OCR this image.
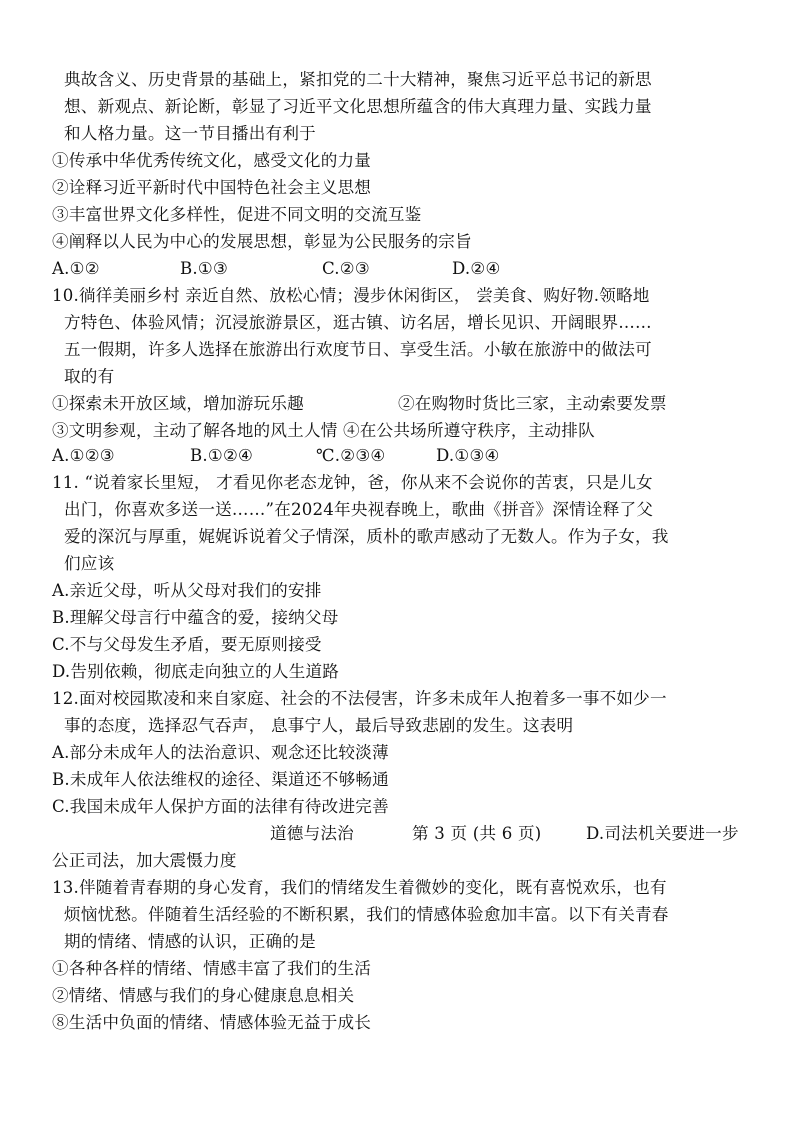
典故含义、历史背景的基础上，紧扣党的二十大精神，聚焦习近平总书记的新思
想、新观点、新论断，彰显了习近平文化思想所蕴含的伟大真理力量、实践力量
和人格力量。这一节目播出有利于
①传承中华优秀传统文化，感受文化的力量
②诠释习近平新时代中国特色社会主义思想
③丰富世界文化多样性，促进不同文明的交流互鉴
④阐释以人民为中心的发展思想，彰显为公民服务的宗旨
A.①②	B.①③	C.②③	D.②④
10.徜徉美丽乡村 亲近自然、放松心情；漫步休闲街区， 尝美食、购好物.领略地
方特色、体验风情；沉浸旅游景区，逛古镇、访名居，增长见识、开阔眼界……
五一假期，许多人选择在旅游出行欢度节日、享受生活。小敏在旅游中的做法可
取的有
①探索未开放区域，增加游玩乐趣	②在购物时货比三家，主动索要发票
③文明参观，主动了解各地的风土人情 ④在公共场所遵守秩序，主动排队
A.①②③	B.①②④	℃.②③④	D.①③④
11. “说着家长里短， 才看见你老态龙钟，爸，你从来不会说你的苦衷，只是儿女
出门，你喜欢多送一送……”在2024年央视春晚上，歌曲《拼音》深情诠释了父
爱的深沉与厚重，娓娓诉说着父子情深，质朴的歌声感动了无数人。作为子女，我
们应该
A.亲近父母，听从父母对我们的安排
B.理解父母言行中蕴含的爱，接纳父母
C.不与父母发生矛盾，要无原则接受
D.告别依赖，彻底走向独立的人生道路
12.面对校园欺凌和来自家庭、社会的不法侵害，许多未成年人抱着多一事不如少一
事的态度，选择忍气吞声， 息事宁人，最后导致悲剧的发生。这表明
A.部分未成年人的法治意识、观念还比较淡薄
B.未成年人依法维权的途径、渠道还不够畅通
C.我国未成年人保护方面的法律有待改进完善
道德与法治	第 3 页 (共 6 页)	D.司法机关要进一步
公正司法，加大震慑力度
13.伴随着青春期的身心发育，我们的情绪发生着微妙的变化，既有喜悦欢乐，也有
烦恼忧愁。伴随着生活经验的不断积累，我们的情感体验愈加丰富。以下有关青春
期的情绪、情感的认识，正确的是
①各种各样的情绪、情感丰富了我们的生活
②情绪、情感与我们的身心健康息息相关
⑧生活中负面的情绪、情感体验无益于成长
